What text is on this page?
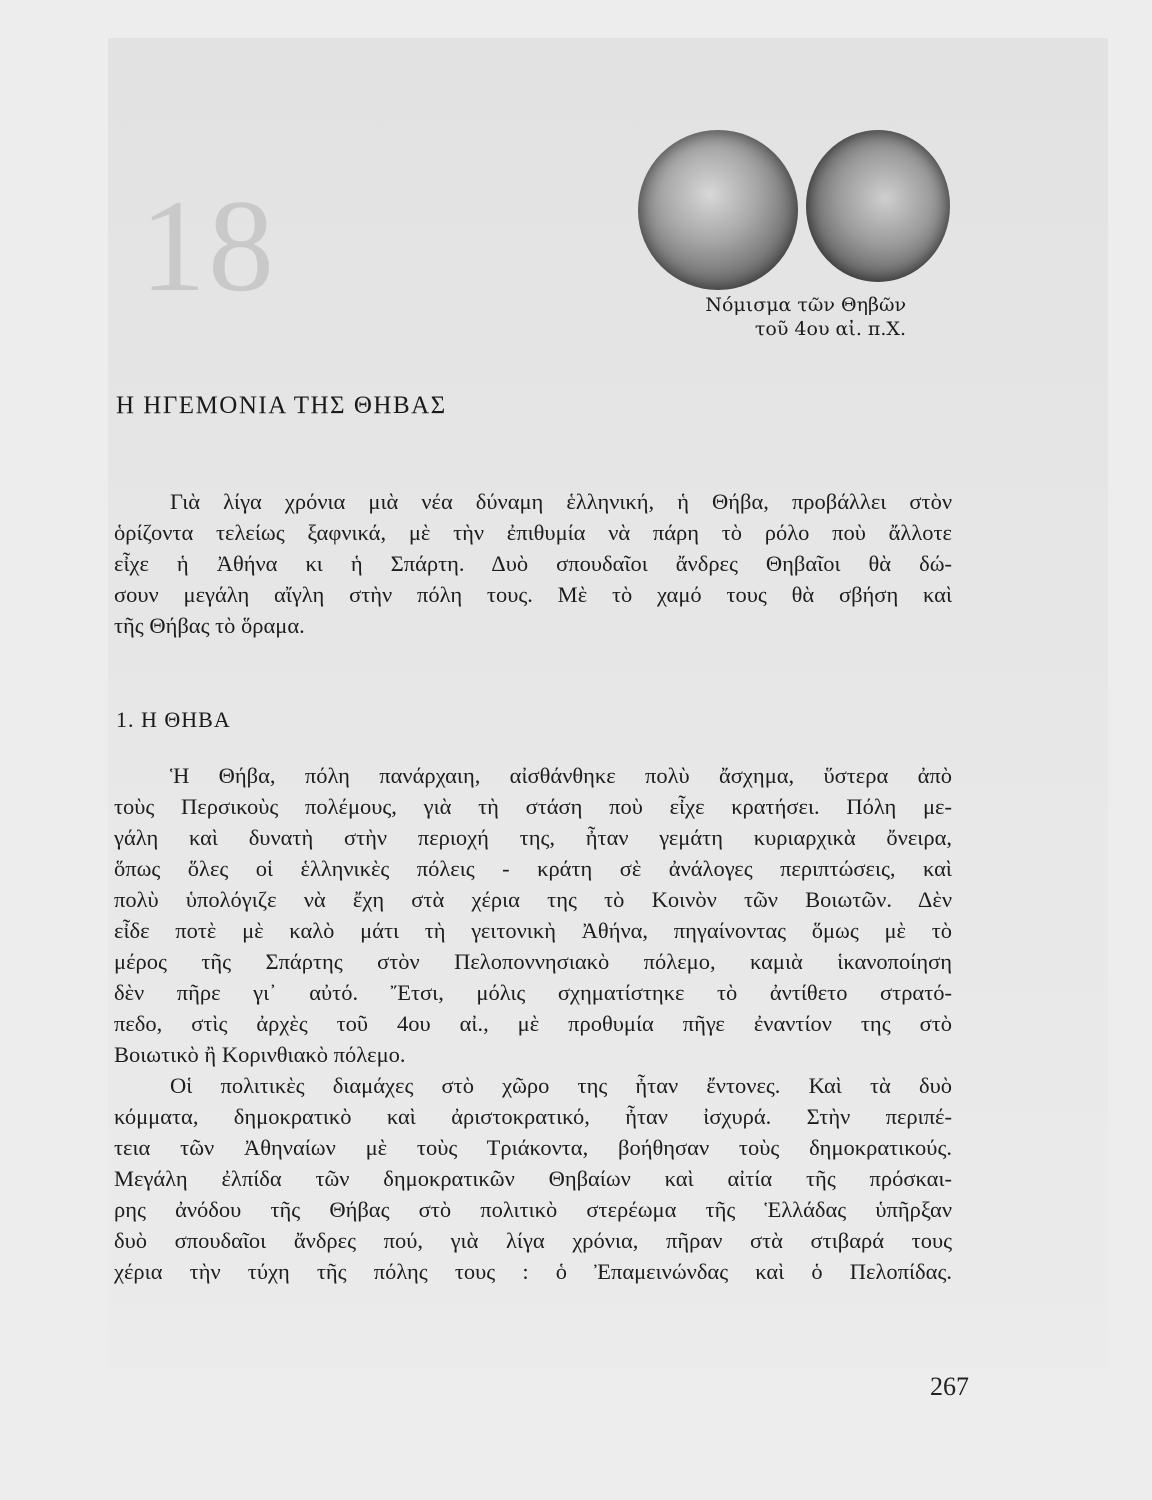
18	Νόμισμα τῶν Θηβῶν
τοῦ 4ου αἰ. π.Χ.
Η ΗΓΕΜΟΝΙΑ ΤΗΣ ΘΗΒΑΣ
Γιὰ λίγα χρόνια μιὰ νέα δύναμη ἑλληνική, ἡ Θήβα, προβάλλει στὸν
ὁρίζοντα τελείως ξαφνικά, μὲ τὴν ἐπιθυμία νὰ πάρη τὸ ρόλο ποὺ ἄλλοτε
εἶχε ἡ Ἀθήνα κι ἡ Σπάρτη. Δυὸ σπουδαῖοι ἄνδρες Θηβαῖοι θὰ δώ-
σουν μεγάλη αἴγλη στὴν πόλη τους. Μὲ τὸ χαμό τους θὰ σβήση καὶ
τῆς Θήβας τὸ ὅραμα.
1. Η ΘΗΒΑ
Ἡ Θήβα, πόλη πανάρχαιη, αἰσθάνθηκε πολὺ ἄσχημα, ὕστερα ἀπὸ
τοὺς Περσικοὺς πολέμους, γιὰ τὴ στάση ποὺ εἶχε κρατήσει. Πόλη με-
γάλη καὶ δυνατὴ στὴν περιοχή της, ἦταν γεμάτη κυριαρχικὰ ὄνειρα,
ὅπως ὅλες οἱ ἑλληνικὲς πόλεις - κράτη σὲ ἀνάλογες περιπτώσεις, καὶ
πολὺ ὑπολόγιζε νὰ ἔχη στὰ χέρια της τὸ Κοινὸν τῶν Βοιωτῶν. Δὲν
εἶδε ποτὲ μὲ καλὸ μάτι τὴ γειτονικὴ Ἀθήνα, πηγαίνοντας ὅμως μὲ τὸ
μέρος τῆς Σπάρτης στὸν Πελοποννησιακὸ πόλεμο, καμιὰ ἱκανοποίηση
δὲν πῆρε γι᾽ αὐτό. Ἔτσι, μόλις σχηματίστηκε τὸ ἀντίθετο στρατό-
πεδο, στὶς ἀρχὲς τοῦ 4ου αἰ., μὲ προθυμία πῆγε ἐναντίον της στὸ
Βοιωτικὸ ἢ Κορινθιακὸ πόλεμο.
Οἱ πολιτικὲς διαμάχες στὸ χῶρο της ἦταν ἔντονες. Καὶ τὰ δυὸ
κόμματα, δημοκρατικὸ καὶ ἀριστοκρατικό, ἦταν ἰσχυρά. Στὴν περιπέ-
τεια τῶν Ἀθηναίων μὲ τοὺς Τριάκοντα, βοήθησαν τοὺς δημοκρατικούς.
Μεγάλη ἐλπίδα τῶν δημοκρατικῶν Θηβαίων καὶ αἰτία τῆς πρόσκαι-
ρης ἀνόδου τῆς Θήβας στὸ πολιτικὸ στερέωμα τῆς Ἑλλάδας ὑπῆρξαν
δυὸ σπουδαῖοι ἄνδρες πού, γιὰ λίγα χρόνια, πῆραν στὰ στιβαρά τους
χέρια τὴν τύχη τῆς πόλης τους : ὁ Ἐπαμεινώνδας καὶ ὁ Πελοπίδας.
267
